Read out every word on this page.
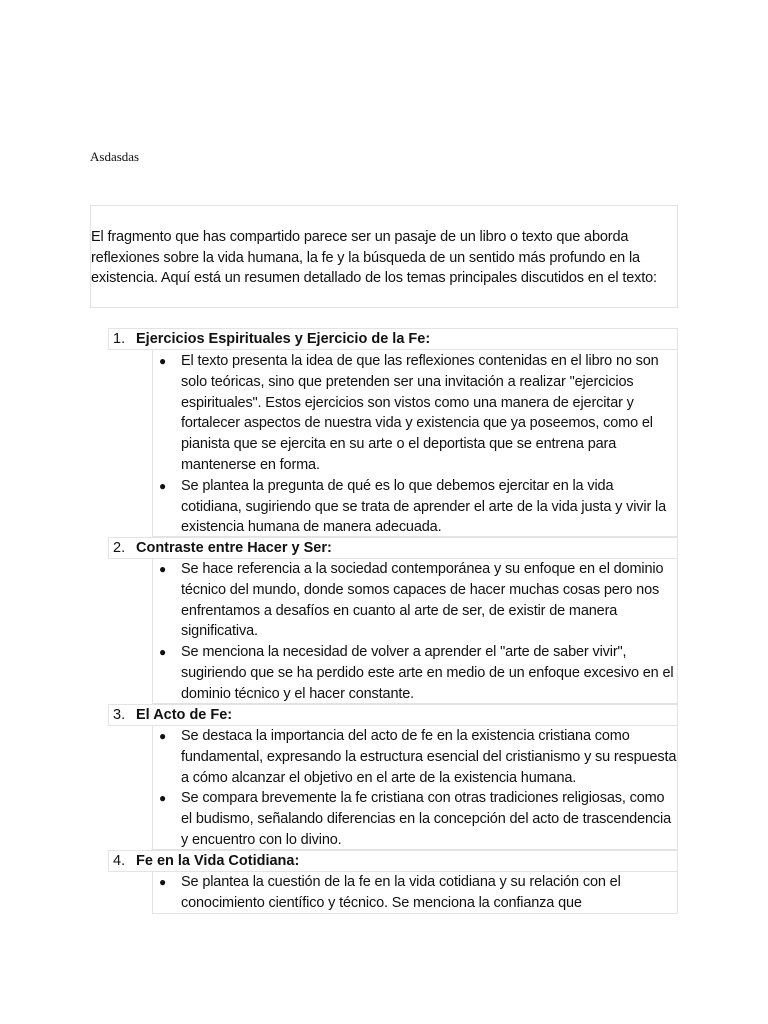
Asdasdas
El fragmento que has compartido parece ser un pasaje de un libro o texto que aborda reflexiones sobre la vida humana, la fe y la búsqueda de un sentido más profundo en la existencia. Aquí está un resumen detallado de los temas principales discutidos en el texto:
1. Ejercicios Espirituales y Ejercicio de la Fe:
● El texto presenta la idea de que las reflexiones contenidas en el libro no son solo teóricas, sino que pretenden ser una invitación a realizar "ejercicios espirituales". Estos ejercicios son vistos como una manera de ejercitar y fortalecer aspectos de nuestra vida y existencia que ya poseemos, como el pianista que se ejercita en su arte o el deportista que se entrena para mantenerse en forma.
● Se plantea la pregunta de qué es lo que debemos ejercitar en la vida cotidiana, sugiriendo que se trata de aprender el arte de la vida justa y vivir la existencia humana de manera adecuada.
2. Contraste entre Hacer y Ser:
● Se hace referencia a la sociedad contemporánea y su enfoque en el dominio técnico del mundo, donde somos capaces de hacer muchas cosas pero nos enfrentamos a desafíos en cuanto al arte de ser, de existir de manera significativa.
● Se menciona la necesidad de volver a aprender el "arte de saber vivir", sugiriendo que se ha perdido este arte en medio de un enfoque excesivo en el dominio técnico y el hacer constante.
3. El Acto de Fe:
● Se destaca la importancia del acto de fe en la existencia cristiana como fundamental, expresando la estructura esencial del cristianismo y su respuesta a cómo alcanzar el objetivo en el arte de la existencia humana.
● Se compara brevemente la fe cristiana con otras tradiciones religiosas, como el budismo, señalando diferencias en la concepción del acto de trascendencia y encuentro con lo divino.
4. Fe en la Vida Cotidiana:
● Se plantea la cuestión de la fe en la vida cotidiana y su relación con el conocimiento científico y técnico. Se menciona la confianza que
